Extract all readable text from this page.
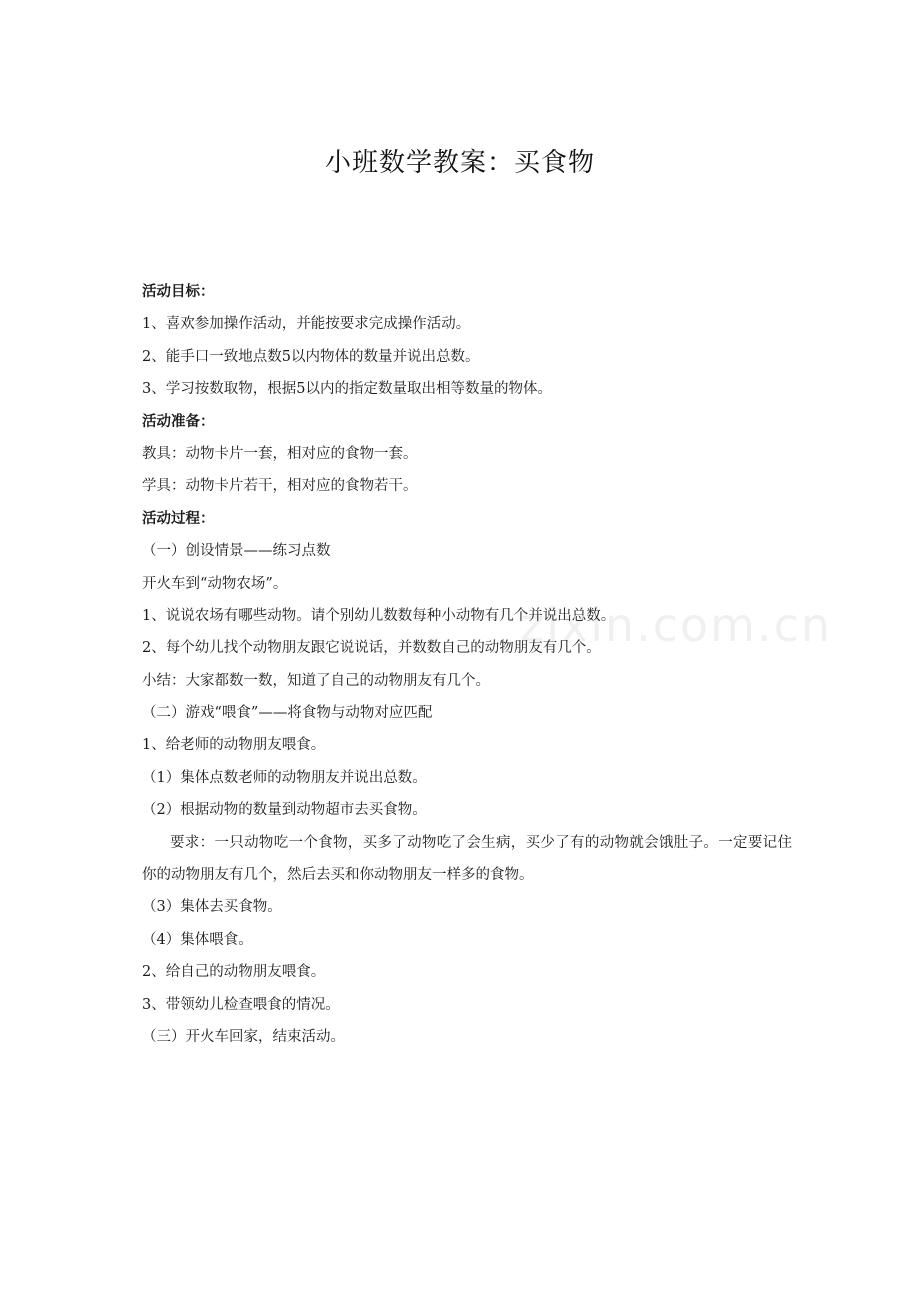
小班数学教案：买食物

活动目标：

1、喜欢参加操作活动，并能按要求完成操作活动。

2、能手口一致地点数5以内物体的数量并说出总数。

3、学习按数取物，根据5以内的指定数量取出相等数量的物体。

活动准备：

教具：动物卡片一套，相对应的食物一套。

学具：动物卡片若干，相对应的食物若干。

活动过程：

（一）创设情景——练习点数

开火车到“动物农场”。

1、说说农场有哪些动物。请个别幼儿数数每种小动物有几个并说出总数。

2、每个幼儿找个动物朋友跟它说说话，并数数自己的动物朋友有几个。

小结：大家都数一数，知道了自己的动物朋友有几个。

（二）游戏“喂食”——将食物与动物对应匹配

1、给老师的动物朋友喂食。

（1）集体点数老师的动物朋友并说出总数。

（2）根据动物的数量到动物超市去买食物。

要求：一只动物吃一个食物，买多了动物吃了会生病，买少了有的动物就会饿肚子。一定要记住你的动物朋友有几个，然后去买和你动物朋友一样多的食物。

（3）集体去买食物。

（4）集体喂食。

2、给自己的动物朋友喂食。

3、带领幼儿检查喂食的情况。

（三）开火车回家，结束活动。

zixin.com.cn
